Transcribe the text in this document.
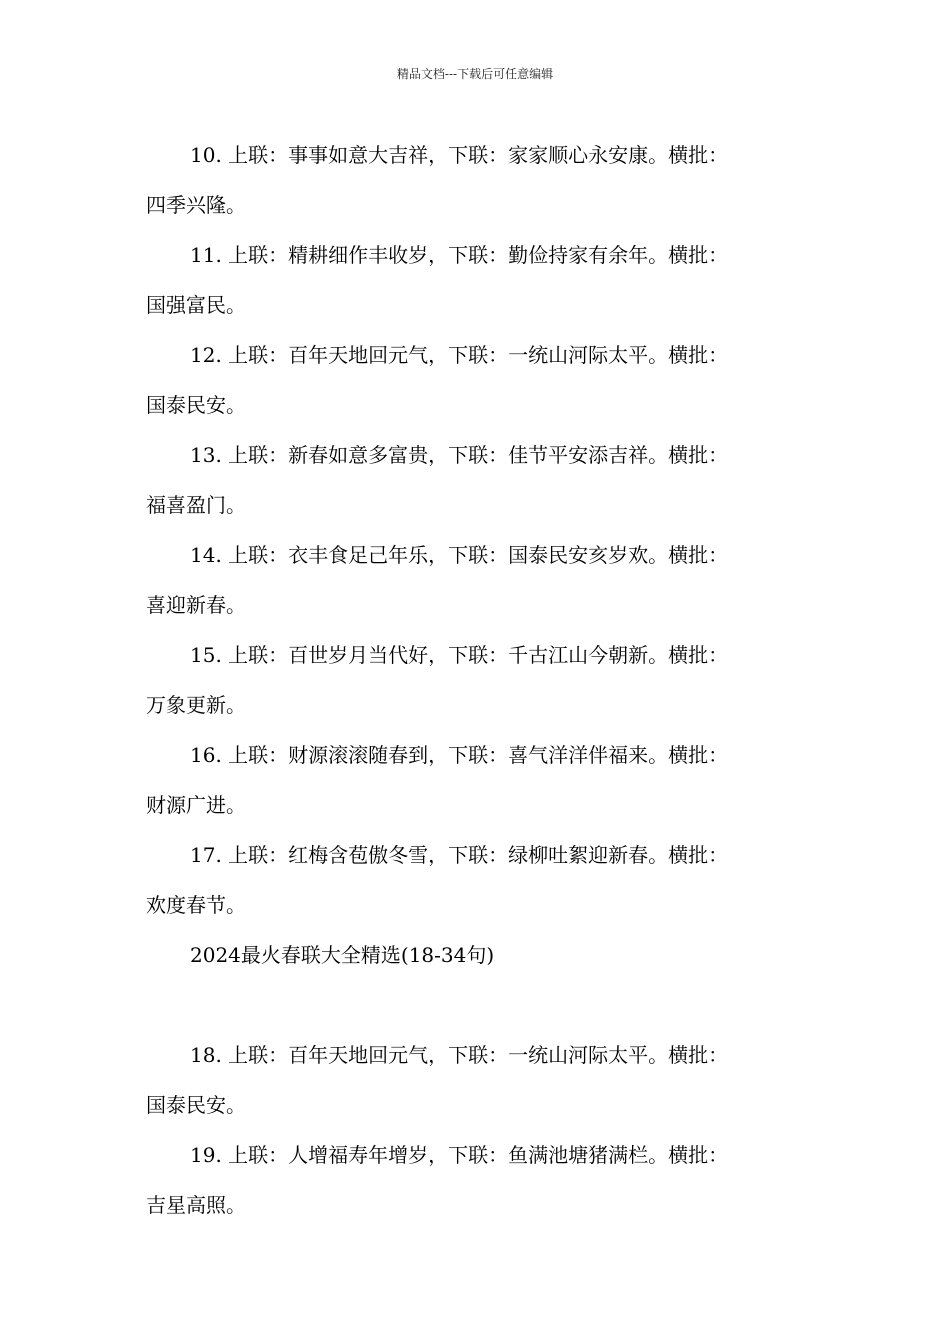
精品文档---下载后可任意编辑

10. 上联：事事如意大吉祥，下联：家家顺心永安康。横批：
四季兴隆。

11. 上联：精耕细作丰收岁，下联：勤俭持家有余年。横批：
国强富民。

12. 上联：百年天地回元气，下联：一统山河际太平。横批：
国泰民安。

13. 上联：新春如意多富贵，下联：佳节平安添吉祥。横批：
福喜盈门。

14. 上联：衣丰食足己年乐，下联：国泰民安亥岁欢。横批：
喜迎新春。

15. 上联：百世岁月当代好，下联：千古江山今朝新。横批：
万象更新。

16. 上联：财源滚滚随春到，下联：喜气洋洋伴福来。横批：
财源广进。

17. 上联：红梅含苞傲冬雪，下联：绿柳吐絮迎新春。横批：
欢度春节。

2024最火春联大全精选(18-34句)

18. 上联：百年天地回元气，下联：一统山河际太平。横批：
国泰民安。

19. 上联：人增福寿年增岁，下联：鱼满池塘猪满栏。横批：
吉星高照。
